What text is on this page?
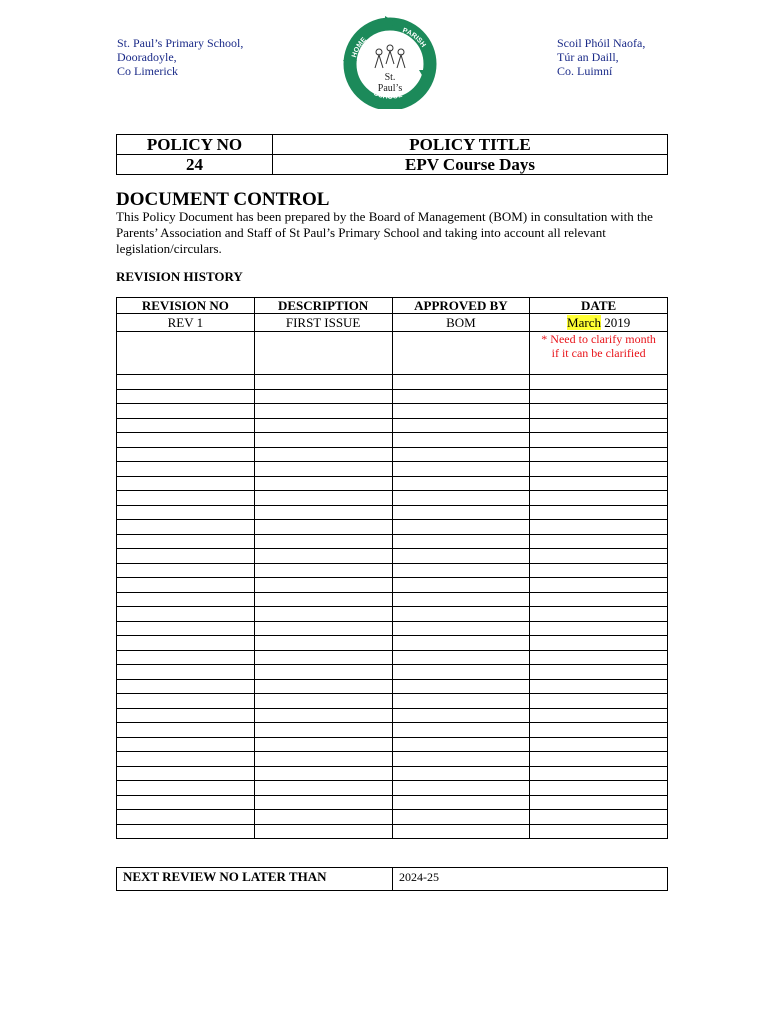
St. Paul’s Primary School,
Dooradoyle,
Co Limerick
HOME
PARISH
SCHOOL
St.
Paul’s
Scoil Phóil Naofa,
Túr an Daill,
Co. Luimní
POLICY NO	POLICY TITLE
24	EPV Course Days
DOCUMENT CONTROL

This Policy Document has been prepared by the Board of Management (BOM) in consultation with the Parents’ Association and Staff of St Paul’s Primary School and taking into account all relevant legislation/circulars.

REVISION HISTORY

REVISION NO	DESCRIPTION	APPROVED BY	DATE
REV 1	FIRST ISSUE	BOM	March 2019

			* Need to clarify month if it can be clarified

NEXT REVIEW NO LATER THAN	2024-25
